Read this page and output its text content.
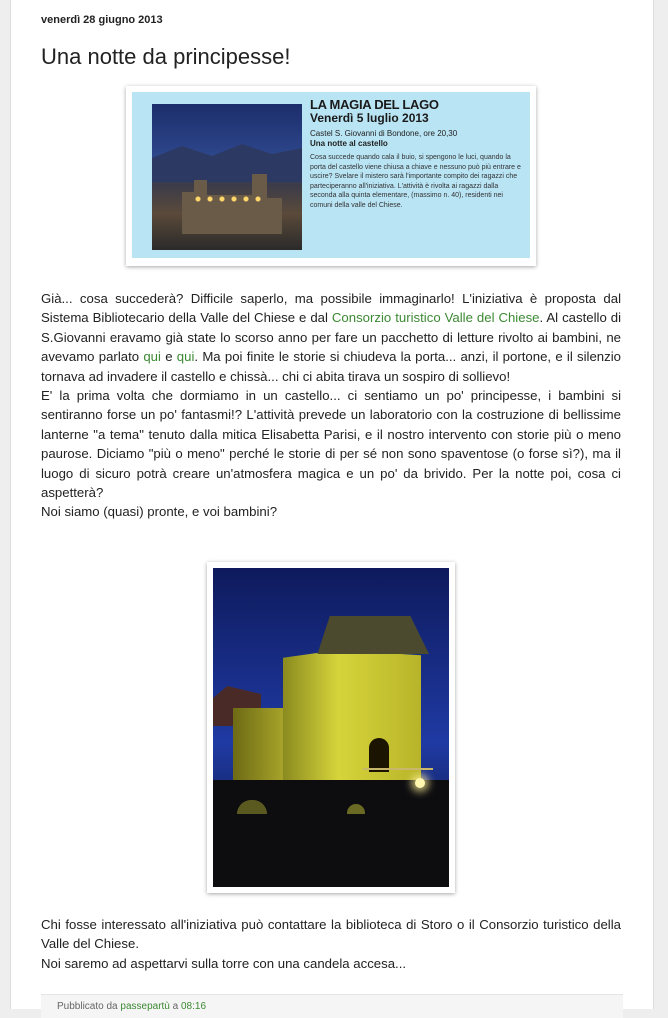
venerdì 28 giugno 2013
Una notte da principesse!
LA MAGIA DEL LAGO
Venerdì 5 luglio 2013
Castel S. Giovanni di Bondone, ore 20,30
Una notte al castello
Cosa succede quando cala il buio, si spengono le luci, quando la porta del castello viene chiusa a chiave e nessuno può più entrare e uscire? Svelare il mistero sarà l'importante compito dei ragazzi che parteciperanno all'iniziativa. L'attività è rivolta ai ragazzi dalla seconda alla quinta elementare, (massimo n. 40), residenti nei comuni della valle del Chiese.

Già... cosa succederà? Difficile saperlo, ma possibile immaginarlo! L'iniziativa è proposta dal Sistema Bibliotecario della Valle del Chiese e dal Consorzio turistico Valle del Chiese. Al castello di S.Giovanni eravamo già state lo scorso anno per fare un pacchetto di letture rivolto ai bambini, ne avevamo parlato qui e qui. Ma poi finite le storie si chiudeva la porta... anzi, il portone, e il silenzio tornava ad invadere il castello e chissà... chi ci abita tirava un sospiro di sollievo!

E' la prima volta che dormiamo in un castello... ci sentiamo un po' principesse, i bambini si sentiranno forse un po' fantasmi!? L'attività prevede un laboratorio con la costruzione di bellissime lanterne "a tema" tenuto dalla mitica Elisabetta Parisi, e il nostro intervento con storie più o meno paurose. Diciamo "più o meno" perché le storie di per sé non sono spaventose (o forse sì?), ma il luogo di sicuro potrà creare un'atmosfera magica e un po' da brivido. Per la notte poi, cosa ci aspetterà?

Noi siamo (quasi) pronte, e voi bambini?

Chi fosse interessato all'iniziativa può contattare la biblioteca di Storo o il Consorzio turistico della Valle del Chiese.

Noi saremo ad aspettarvi sulla torre con una candela accesa...

Pubblicato da passepartù a 08:16
